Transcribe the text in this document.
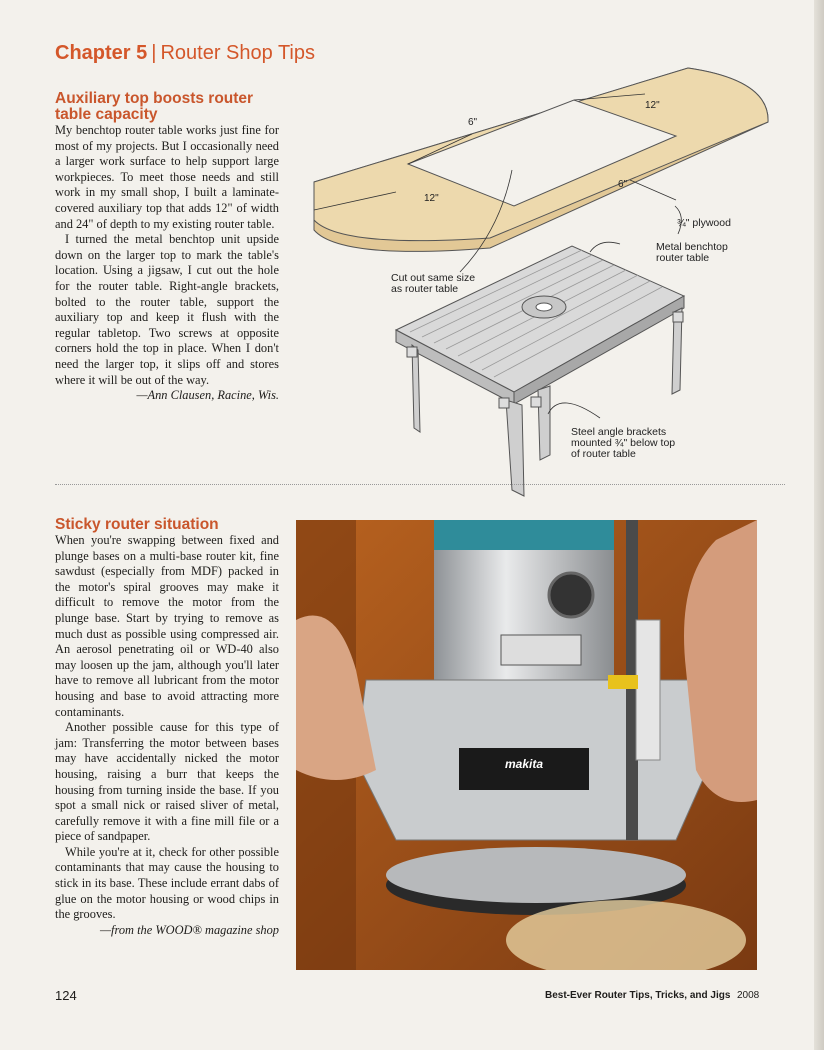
Chapter 5 | Router Shop Tips
Auxiliary top boosts router
table capacity

My benchtop router table works just fine for most of my projects. But I occasionally need a larger work surface to help support large workpieces. To meet those needs and still work in my small shop, I built a laminate-covered auxiliary top that adds 12" of width and 24" of depth to my existing router table.

I turned the metal benchtop unit upside down on the larger top to mark the table's location. Using a jigsaw, I cut out the hole for the router table. Right-angle brackets, bolted to the router table, support the auxiliary top and keep it flush with the regular tabletop. Two screws at opposite corners hold the top in place. When I don't need the larger top, it slips off and stores where it will be out of the way.

—Ann Clausen, Racine, Wis.

12"
6"
12"
6"
¾" plywood
Metal benchtop
router table
Cut out same size
as router table
Steel angle brackets
mounted ¾" below top
of router table
Sticky router situation

When you're swapping between fixed and plunge bases on a multi-base router kit, fine sawdust (especially from MDF) packed in the motor's spiral grooves may make it difficult to remove the motor from the plunge base. Start by trying to remove as much dust as possible using compressed air. An aerosol penetrating oil or WD-40 also may loosen up the jam, although you'll later have to remove all lubricant from the motor housing and base to avoid attracting more contaminants.

Another possible cause for this type of jam: Transferring the motor between bases may have accidentally nicked the motor housing, raising a burr that keeps the housing from turning inside the base. If you spot a small nick or raised sliver of metal, carefully remove it with a fine mill file or a piece of sandpaper.

While you're at it, check for other possible contaminants that may cause the housing to stick in its base. These include errant dabs of glue on the motor housing or wood chips in the grooves.

—from the WOOD® magazine shop

makita
124	Best-Ever Router Tips, Tricks, and Jigs 2008
